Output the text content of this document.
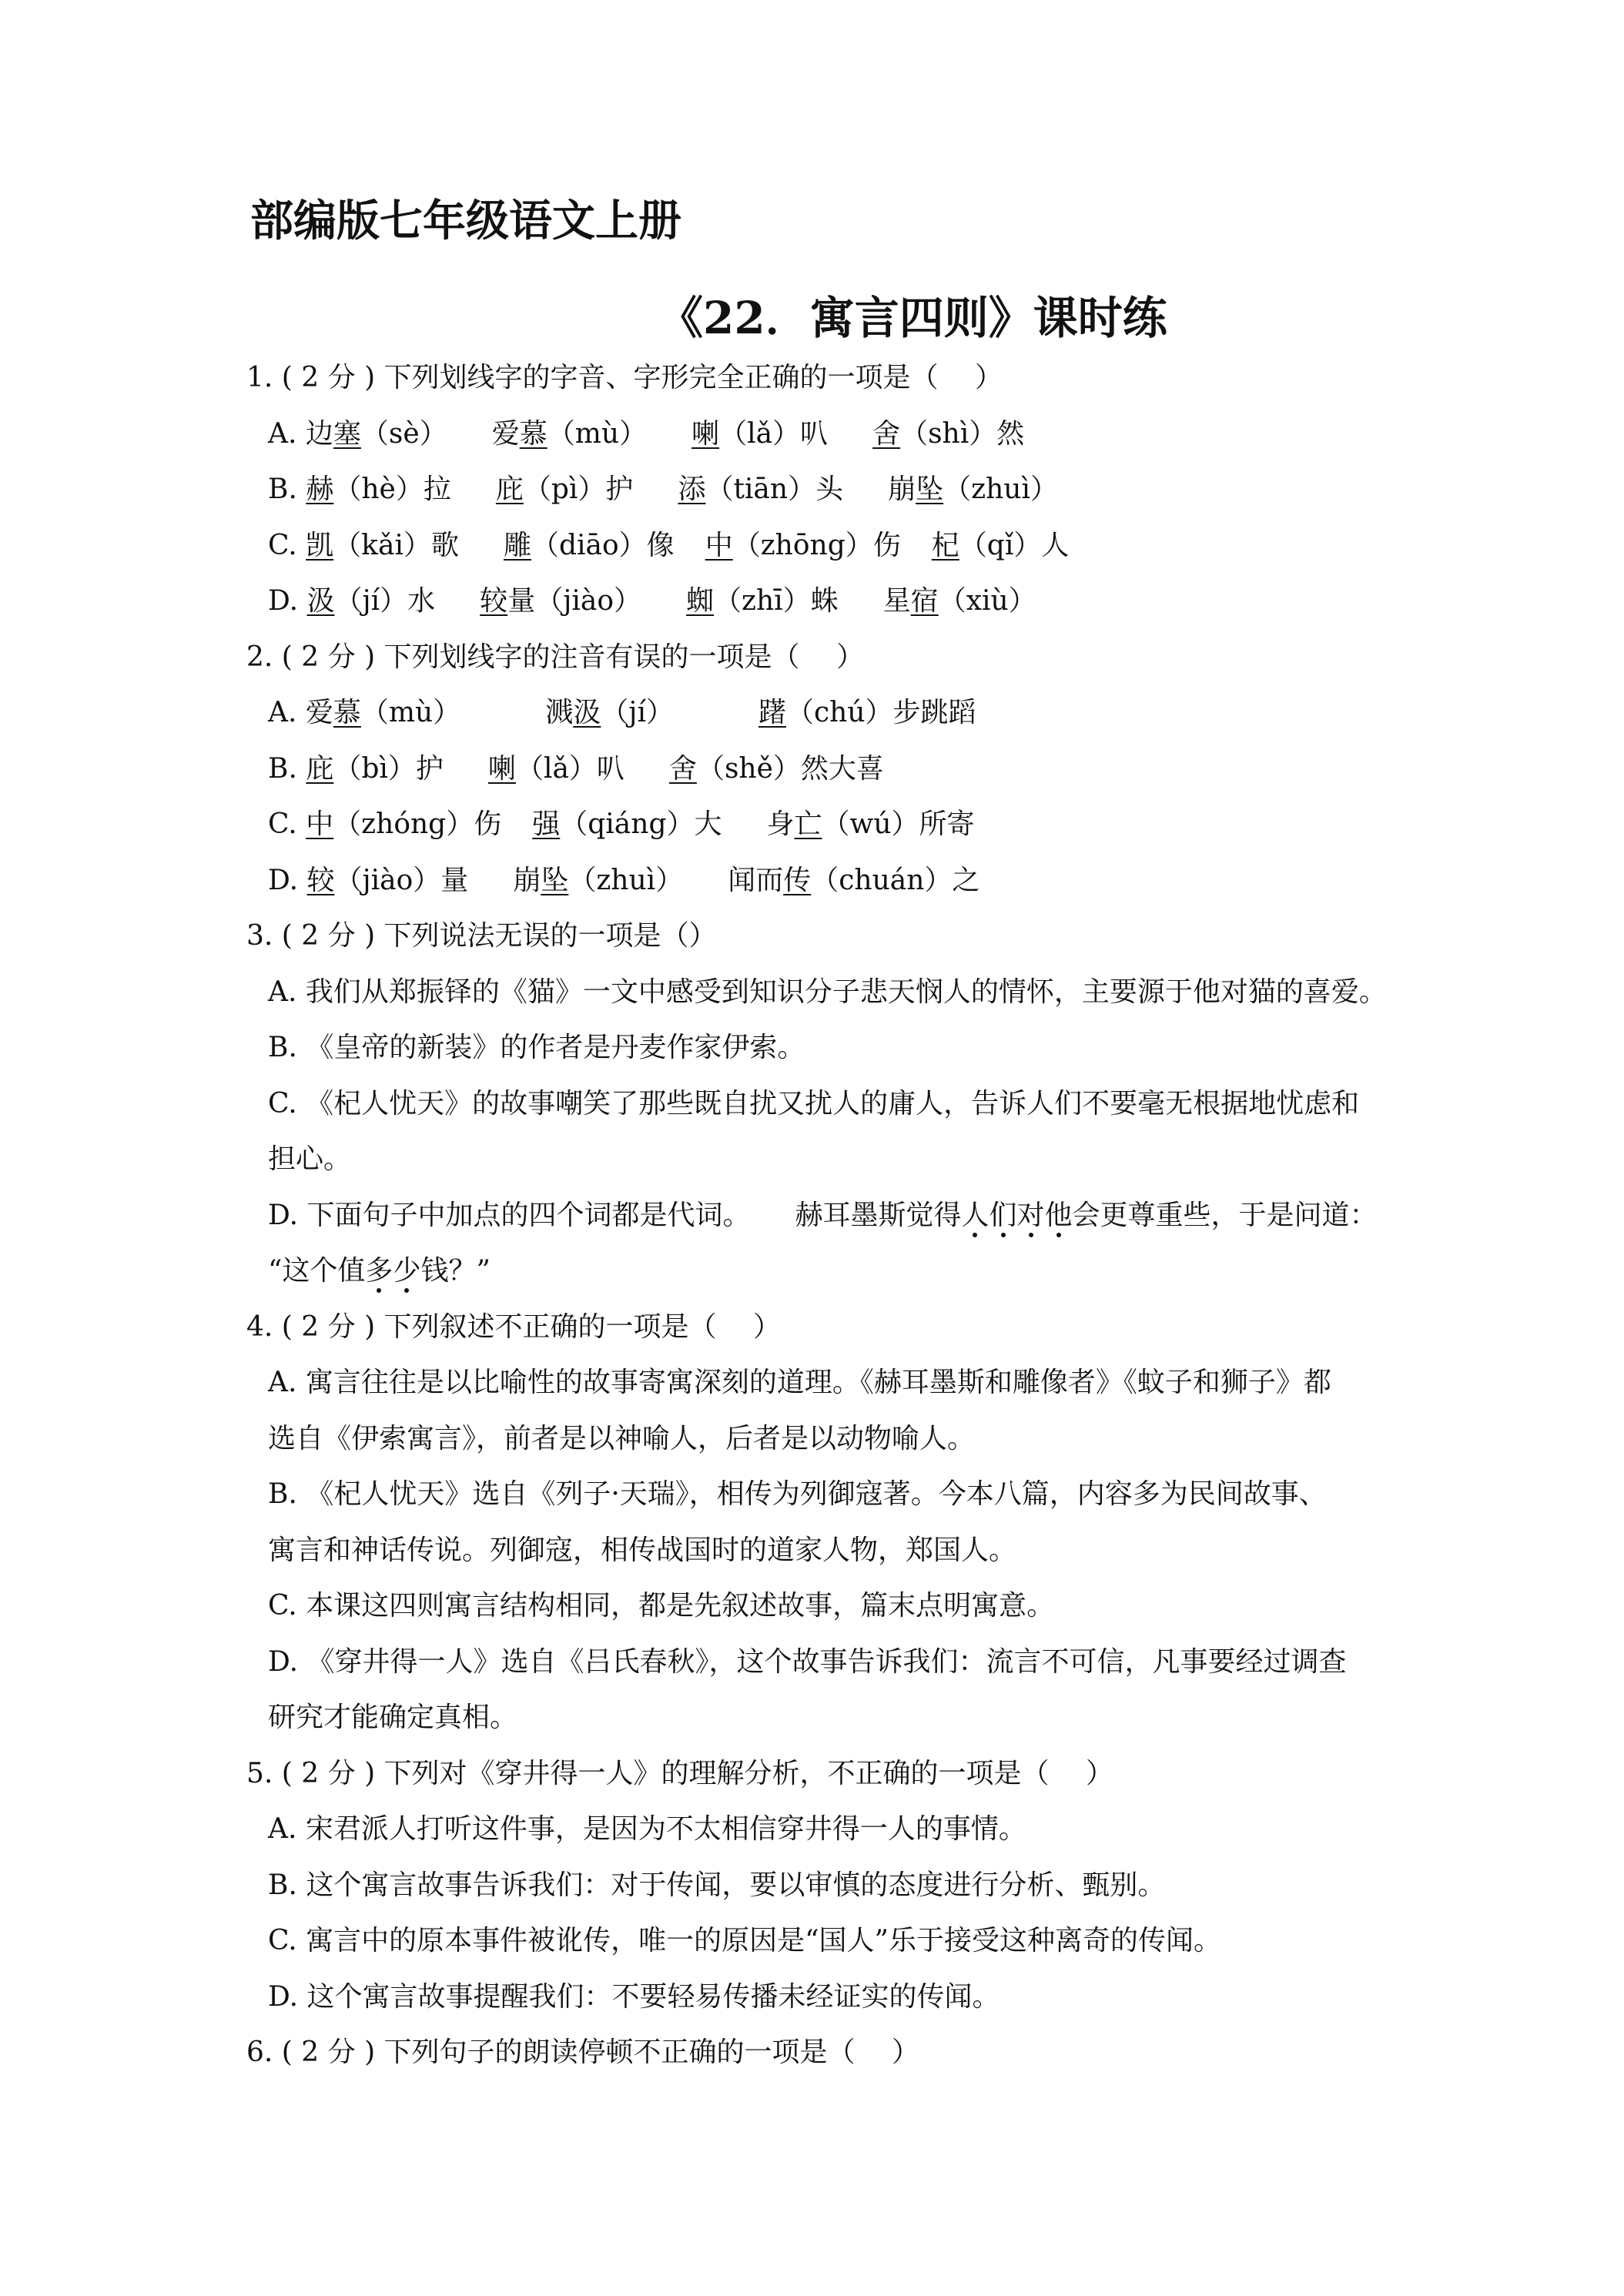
部编版七年级语文上册
《22．寓言四则》课时练
1. ( 2 分 ) 下列划线字的字音、字形完全正确的一项是（　 ）
A. 边塞（sè） 爱慕（mù） 喇（lǎ）叭 舍（shì）然
B. 赫（hè）拉 庇（pì）护 添（tiān）头 崩坠（zhuì）
C. 凯（kǎi）歌 雕（diāo）像 中（zhōng）伤 杞（qǐ）人
D. 汲（jí）水 较量（jiào） 蜘（zhī）蛛 星宿（xiù）
2. ( 2 分 ) 下列划线字的注音有误的一项是（　 ）
A. 爱慕（mù）	溅汲（jí）	躇（chú）步跳蹈
B. 庇（bì）护 喇（lǎ）叭 舍（shě）然大喜
C. 中（zhóng）伤 强（qiáng）大 身亡（wú）所寄
D. 较（jiào）量 崩坠（zhuì） 闻而传（chuán）之
3. ( 2 分 ) 下列说法无误的一项是（）
A. 我们从郑振铎的《猫》一文中感受到知识分子悲天悯人的情怀，主要源于他对猫的喜爱。
B. 《皇帝的新装》的作者是丹麦作家伊索。
C. 《杞人忧天》的故事嘲笑了那些既自扰又扰人的庸人，告诉人们不要毫无根据地忧虑和
担心。
D. 下面句子中加点的四个词都是代词。 赫耳墨斯觉得人们对他会更尊重些，于是问道：
“这个值多少钱？”
4. ( 2 分 ) 下列叙述不正确的一项是（　 ）
A. 寓言往往是以比喻性的故事寄寓深刻的道理。《赫耳墨斯和雕像者》《蚊子和狮子》都
选自《伊索寓言》，前者是以神喻人，后者是以动物喻人。
B. 《杞人忧天》选自《列子·天瑞》，相传为列御寇著。今本八篇，内容多为民间故事、
寓言和神话传说。列御寇，相传战国时的道家人物，郑国人。
C. 本课这四则寓言结构相同，都是先叙述故事，篇末点明寓意。
D. 《穿井得一人》选自《吕氏春秋》，这个故事告诉我们：流言不可信，凡事要经过调查
研究才能确定真相。
5. ( 2 分 ) 下列对《穿井得一人》的理解分析，不正确的一项是（　 ）
A. 宋君派人打听这件事，是因为不太相信穿井得一人的事情。
B. 这个寓言故事告诉我们：对于传闻，要以审慎的态度进行分析、甄别。
C. 寓言中的原本事件被讹传，唯一的原因是“国人”乐于接受这种离奇的传闻。
D. 这个寓言故事提醒我们：不要轻易传播未经证实的传闻。
6. ( 2 分 ) 下列句子的朗读停顿不正确的一项是（　 ）
